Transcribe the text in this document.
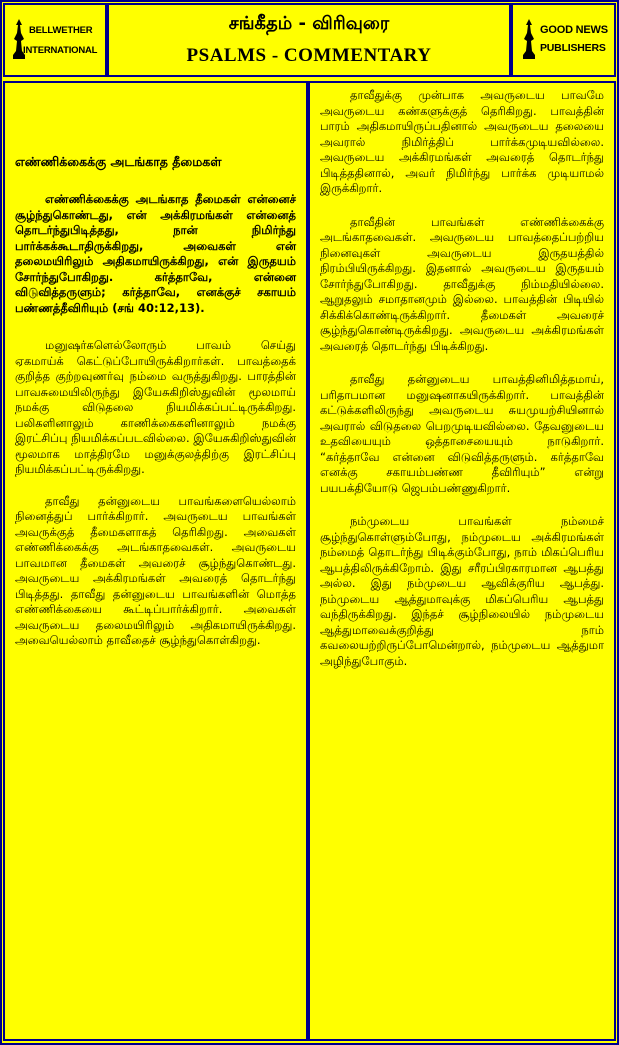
BELLWETHER
INTERNATIONAL
சங்கீதம் - விரிவுரை
PSALMS - COMMENTARY
GOOD NEWS
PUBLISHERS
எண்ணிக்கைக்கு அடங்காத தீமைகள்

எண்ணிக்கைக்கு அடங்காத தீமைகள் என்னைச் சூழ்ந்துகொண்டது, என் அக்கிரமங்கள் என்னைத் தொடர்ந்துபிடித்தது, நான் நிமிர்ந்து பார்க்கக்கூடாதிருக்கிறது, அவைகள் என் தலைமயிரிலும் அதிகமாயிருக்கிறது, என் இருதயம் சோர்ந்துபோகிறது. கர்த்தாவே, என்னை விடுவித்தருளும்; கர்த்தாவே, எனக்குச் சகாயம் பண்ணத்தீவிரியும் (சங் 40:12,13).

மனுஷர்களெல்லோரும் பாவம் செய்து ஏகமாய்க் கெட்டுப்போயிருக்கிறார்கள். பாவத்தைக் குறித்த குற்றவுணர்வு நம்மை வருத்துகிறது. பாரத்தின் பாவசுமையிலிருந்து இயேசுகிறிஸ்துவின் மூலமாய் நமக்கு விடுதலை நியமிக்கப்பட்டிருக்கிறது. பலிகளினாலும் காணிக்கைகளினாலும் நமக்கு இரட்சிப்பு நியமிக்கப்படவில்லை. இயேசுகிறிஸ்துவின் மூலமாக மாத்திரமே மனுக்குலத்திற்கு இரட்சிப்பு நியமிக்கப்பட்டிருக்கிறது.

தாவீது தன்னுடைய பாவங்களையெல்லாம் நினைத்துப் பார்க்கிறார். அவருடைய பாவங்கள் அவருக்குத் தீமைகளாகத் தெரிகிறது. அவைகள் எண்ணிக்கைக்கு அடங்காதவைகள். அவருடைய பாவமான தீமைகள் அவரைச் சூழ்ந்துகொண்டது. அவருடைய அக்கிரமங்கள் அவரைத் தொடர்ந்து பிடித்தது. தாவீது தன்னுடைய பாவங்களின் மொத்த எண்ணிக்கையை கூட்டிப்பார்க்கிறார். அவைகள் அவருடைய தலைமயிரிலும் அதிகமாயிருக்கிறது. அவையெல்லாம் தாவீதைச் சூழ்ந்துகொள்கிறது.

தாவீதுக்கு முன்பாக அவருடைய பாவமே அவருடைய கண்களுக்குத் தெரிகிறது. பாவத்தின் பாரம் அதிகமாயிருப்பதினால் அவருடைய தலையை அவரால் நிமிர்த்திப் பார்க்கமுடியவில்லை. அவருடைய அக்கிரமங்கள் அவரைத் தொடர்ந்து பிடித்ததினால், அவர் நிமிர்ந்து பார்க்க முடியாமல் இருக்கிறார்.

தாவீதின் பாவங்கள் எண்ணிக்கைக்கு அடங்காதவைகள். அவருடைய பாவத்தைப்பற்றிய நினைவுகள் அவருடைய இருதயத்தில் நிரம்பியிருக்கிறது. இதனால் அவருடைய இருதயம் சோர்ந்துபோகிறது. தாவீதுக்கு நிம்மதியில்லை. ஆறுதலும் சமாதானமும் இல்லை. பாவத்தின் பிடியில் சிக்கிக்கொண்டிருக்கிறார். தீமைகள் அவரைச் சூழ்ந்துகொண்டிருக்கிறது. அவருடைய அக்கிரமங்கள் அவரைத் தொடர்ந்து பிடிக்கிறது.

தாவீது தன்னுடைய பாவத்தினிமித்தமாய், பரிதாபமான மனுஷனாகயிருக்கிறார். பாவத்தின் கட்டுக்களிலிருந்து அவருடைய சுயமுயற்சியினால் அவரால் விடுதலை பெறமுடியவில்லை. தேவனுடைய உதவியையும் ஒத்தாசையையும் நாடுகிறார். “கர்த்தாவே என்னை விடுவித்தருளும். கர்த்தாவே எனக்கு சகாயம்பண்ண தீவிரியும்” என்று பயபக்தியோடு ஜெபம்பண்ணுகிறார்.

நம்முடைய பாவங்கள் நம்மைச் சூழ்ந்துகொள்ளும்போது, நம்முடைய அக்கிரமங்கள் நம்மைத் தொடர்ந்து பிடிக்கும்போது, நாம் மிகப்பெரிய ஆபத்திலிருக்கிறோம். இது சரீரப்பிரகாரமான ஆபத்து அல்ல. இது நம்முடைய ஆவிக்குரிய ஆபத்து. நம்முடைய ஆத்துமாவுக்கு மிகப்பெரிய ஆபத்து வந்திருக்கிறது. இந்தச் சூழ்நிலையில் நம்முடைய ஆத்துமாவைக்குறித்து நாம் கவலையற்றிருப்போமென்றால், நம்முடைய ஆத்துமா அழிந்துபோகும்.
